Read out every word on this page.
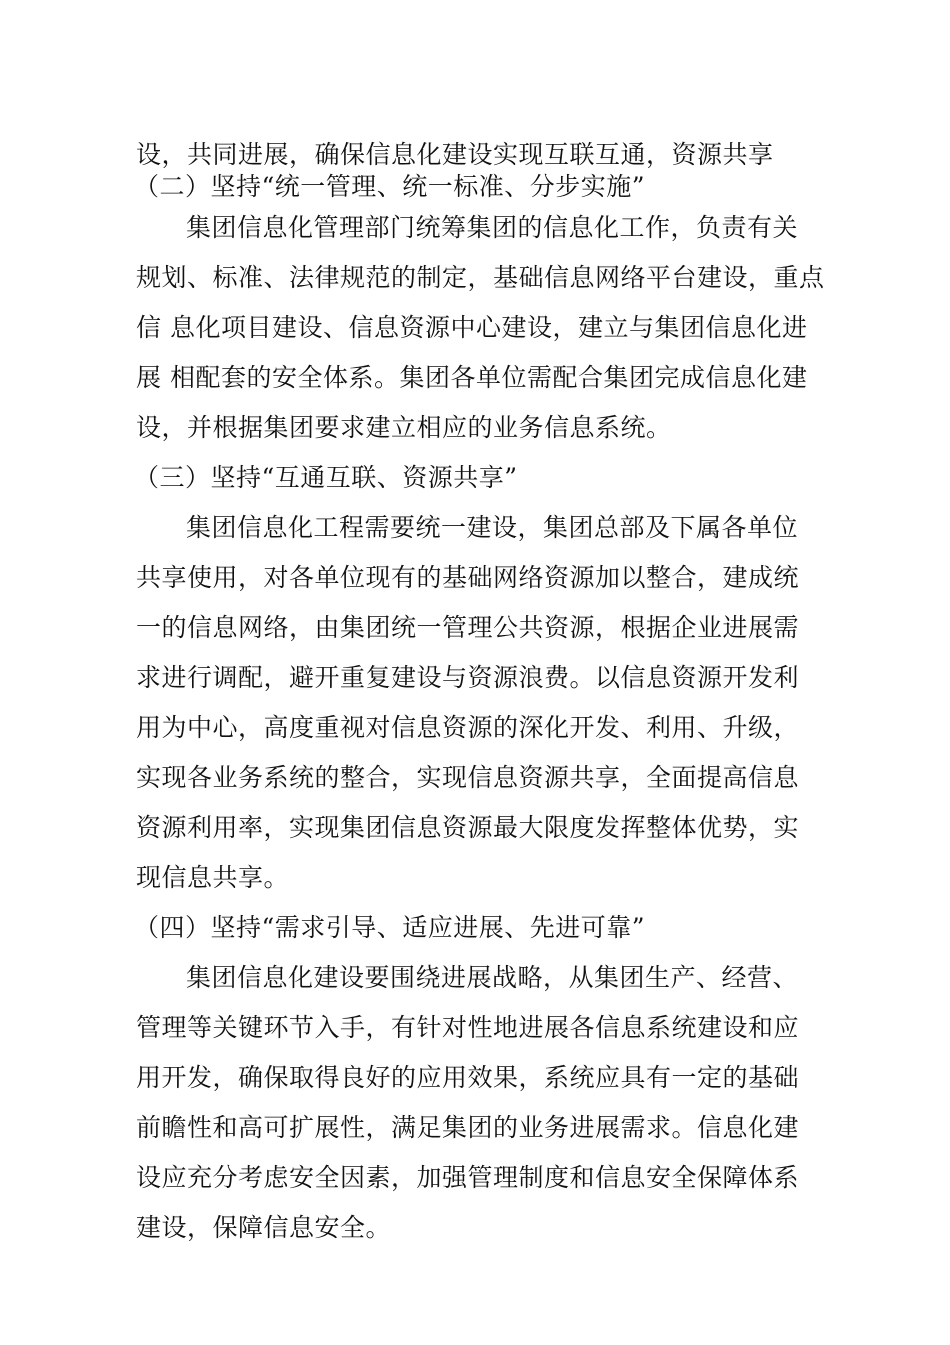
设，共同进展，确保信息化建设实现互联互通，资源共享
（二）坚持“统一管理、统一标准、分步实施”
集团信息化管理部门统筹集团的信息化工作，负责有关
规划、标准、法律规范的制定，基础信息网络平台建设，重点
信 息化项目建设、信息资源中心建设，建立与集团信息化进
展 相配套的安全体系。集团各单位需配合集团完成信息化建
设，并根据集团要求建立相应的业务信息系统。
（三）坚持“互通互联、资源共享”
集团信息化工程需要统一建设，集团总部及下属各单位
共享使用，对各单位现有的基础网络资源加以整合，建成统
一的信息网络，由集团统一管理公共资源，根据企业进展需
求进行调配，避开重复建设与资源浪费。以信息资源开发利
用为中心，高度重视对信息资源的深化开发、利用、升级，
实现各业务系统的整合，实现信息资源共享，全面提高信息
资源利用率，实现集团信息资源最大限度发挥整体优势，实
现信息共享。
（四）坚持“需求引导、适应进展、先进可靠”
集团信息化建设要围绕进展战略，从集团生产、经营、
管理等关键环节入手，有针对性地进展各信息系统建设和应
用开发，确保取得良好的应用效果，系统应具有一定的基础
前瞻性和高可扩展性，满足集团的业务进展需求。信息化建
设应充分考虑安全因素，加强管理制度和信息安全保障体系
建设，保障信息安全。
